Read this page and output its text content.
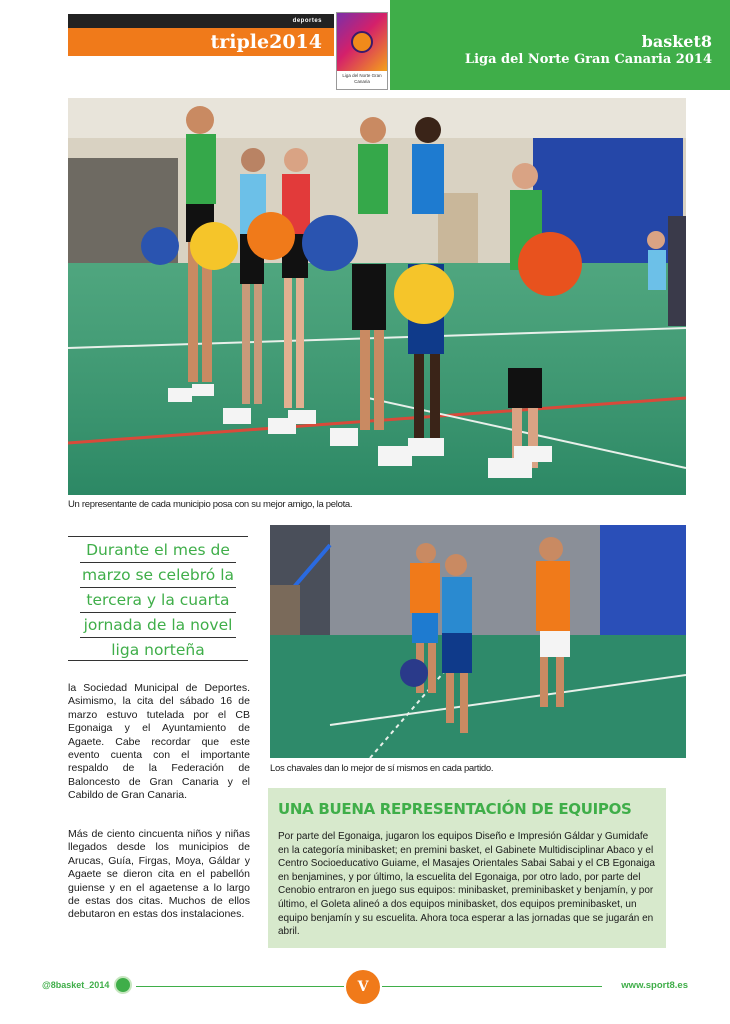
deportes
triple2014
Liga del Norte Gran Canaria
basket8
Liga del Norte Gran Canaria 2014
Un representante de cada municipio posa con su mejor amigo, la pelota.
Durante el mes de
marzo se celebró la
tercera y la cuarta
jornada de la novel
liga norteña
la Sociedad Municipal de Deportes. Asimismo, la cita del sábado 16 de marzo estuvo tutelada por el CB Egonaiga y el Ayuntamiento de Agaete. Cabe recordar que este evento cuenta con el importante respaldo de la Federación de Baloncesto de Gran Canaria y el Cabildo de Gran Canaria.
Más de ciento cincuenta niños y niñas llegados desde los municipios de Arucas, Guía, Firgas, Moya, Gáldar y Agaete se dieron cita en el pabellón guiense y en el agaetense a lo largo de estas dos citas. Muchos de ellos debutaron en estas dos instalaciones.
Los chavales dan lo mejor de sí mismos en cada partido.
UNA BUENA REPRESENTACIÓN DE EQUIPOS
Por parte del Egonaiga, jugaron los equipos Diseño e Impresión Gáldar y Gumidafe en la categoría minibasket; en premini basket, el Gabinete Multidisciplinar Abaco y el Centro Socioeducativo Guiame, el Masajes Orientales Sabai Sabai y el CB Egonaiga en benjamines, y por último, la escuelita del Egonaiga, por otro lado, por parte del Cenobio entraron en juego sus equipos: minibasket, preminibasket y benjamín, y por último, el Goleta alineó a dos equipos minibasket, dos equipos preminibasket, un equipo benjamín y su escuelita. Ahora toca esperar a las jornadas que se jugarán en abril.
@8basket_2014	V	www.sport8.es
